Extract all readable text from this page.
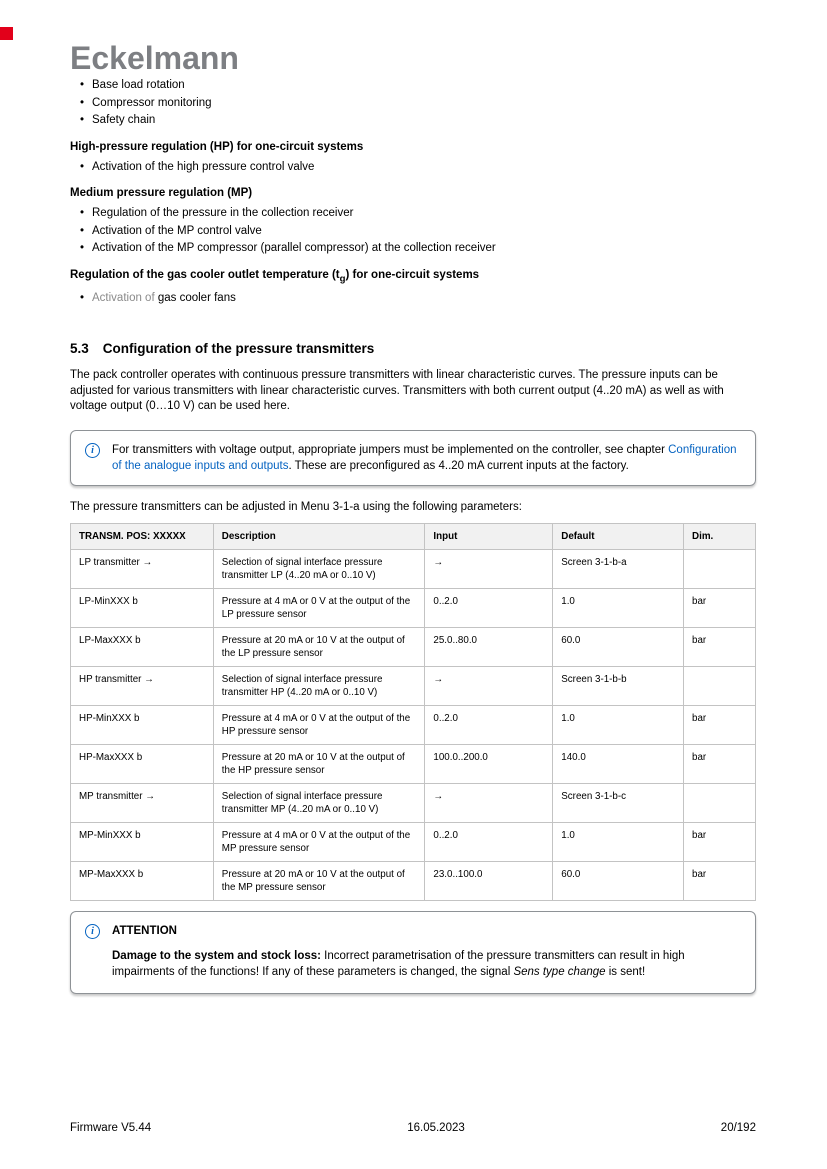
Eckelmann
• Base load rotation
• Compressor monitoring
• Safety chain
High-pressure regulation (HP) for one-circuit systems
• Activation of the high pressure control valve
Medium pressure regulation (MP)
• Regulation of the pressure in the collection receiver
• Activation of the MP control valve
• Activation of the MP compressor (parallel compressor) at the collection receiver
Regulation of the gas cooler outlet temperature $(t_g)$ for one-circuit systems
• Activation of gas cooler fans
5.3 Configuration of the pressure transmitters

The pack controller operates with continuous pressure transmitters with linear characteristic curves. The pressure inputs can be adjusted for various transmitters with linear characteristic curves. Transmitters with both current output (4..20 mA) as well as with voltage output (0…10 V) can be used here.

i	For transmitters with voltage output, appropriate jumpers must be implemented on the controller, see chapter Configuration of the analogue inputs and outputs. These are preconfigured as 4..20 mA current inputs at the factory.

The pressure transmitters can be adjusted in Menu 3-1-a using the following parameters:

TRANSM. POS: XXXXX	Description	Input	Default	Dim.
LP transmitter →	Selection of signal interface pressure transmitter LP (4..20 mA or 0..10 V)	→	Screen 3-1-b-a	
LP-MinXXX b	Pressure at 4 mA or 0 V at the output of the LP pressure sensor	0..2.0	1.0	bar
LP-MaxXXX b	Pressure at 20 mA or 10 V at the output of the LP pressure sensor	25.0..80.0	60.0	bar
HP transmitter →	Selection of signal interface pressure transmitter HP (4..20 mA or 0..10 V)	→	Screen 3-1-b-b	
HP-MinXXX b	Pressure at 4 mA or 0 V at the output of the HP pressure sensor	0..2.0	1.0	bar
HP-MaxXXX b	Pressure at 20 mA or 10 V at the output of the HP pressure sensor	100.0..200.0	140.0	bar
MP transmitter →	Selection of signal interface pressure transmitter MP (4..20 mA or 0..10 V)	→	Screen 3-1-b-c	
MP-MinXXX b	Pressure at 4 mA or 0 V at the output of the MP pressure sensor	0..2.0	1.0	bar
MP-MaxXXX b	Pressure at 20 mA or 10 V at the output of the MP pressure sensor	23.0..100.0	60.0	bar
i	ATTENTION
Damage to the system and stock loss: Incorrect parametrisation of the pressure transmitters can result in high impairments of the functions! If any of these parameters is changed, the signal Sens type change is sent!
Firmware V5.44	16.05.2023	20/192
